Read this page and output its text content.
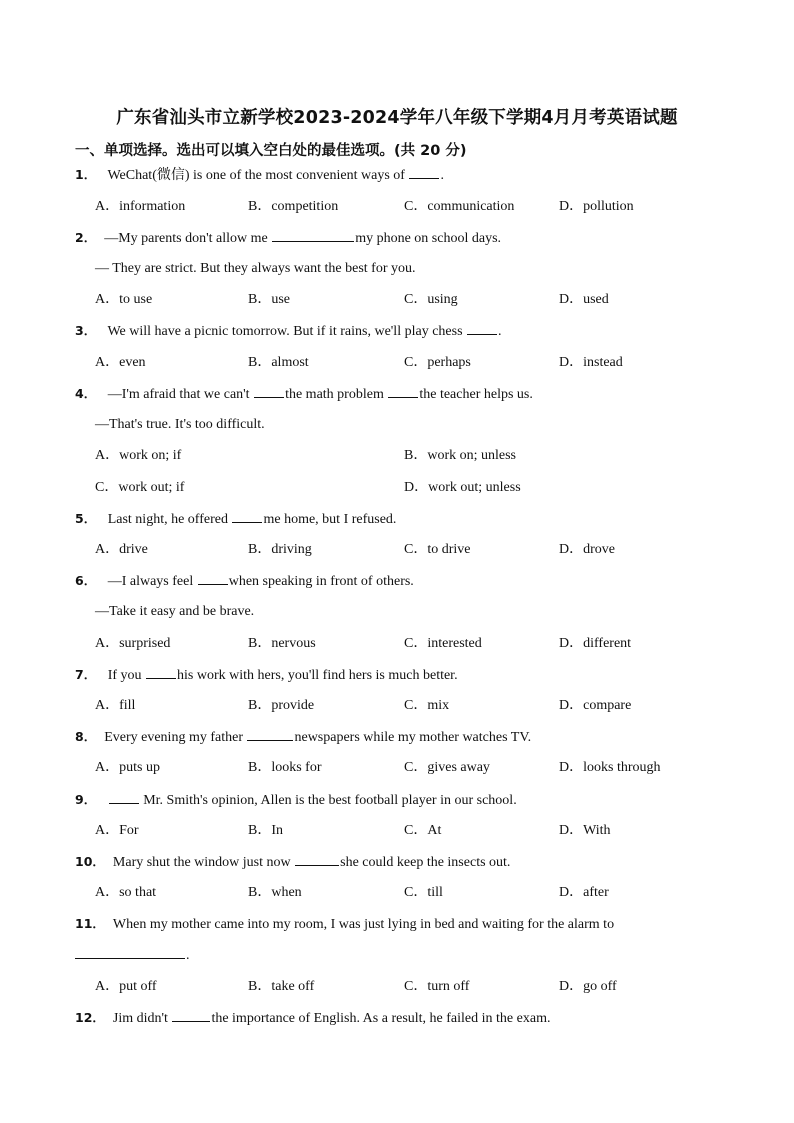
广东省汕头市立新学校2023-2024学年八年级下学期4月月考英语试题
一、单项选择。选出可以填入空白处的最佳选项。(共 20 分)
1． WeChat(微信) is one of the most convenient ways of	.
A．information	B．competition	C．communication	D．pollution
2． —My parents don't allow me	my phone on school days.
— They are strict. But they always want the best for you.
A．to use	B．use	C．using	D．used
3． We will have a picnic tomorrow. But if it rains, we'll play chess	.
A．even	B．almost	C．perhaps	D．instead
4． —I'm afraid that we can't	the math problem	the teacher helps us.
—That's true. It's too difficult.
A．work on; if	B．work on; unless
C．work out; if	D．work out; unless
5． Last night, he offered	me home, but I refused.
A．drive	B．driving	C．to drive	D．drove
6． —I always feel	when speaking in front of others.
—Take it easy and be brave.
A．surprised	B．nervous	C．interested	D．different
7． If you	his work with hers, you'll find hers is much better.
A．fill	B．provide	C．mix	D．compare
8． Every evening my father	newspapers while my mother watches TV.
A．puts up	B．looks for	C．gives away	D．looks through
9．	Mr. Smith's opinion, Allen is the best football player in our school.
A．For	B．In	C．At	D．With
10． Mary shut the window just now	she could keep the insects out.
A．so that	B．when	C．till	D．after
11． When my mother came into my room, I was just lying in bed and waiting for the alarm to
.
A．put off	B．take off	C．turn off	D．go off
12． Jim didn't	the importance of English. As a result, he failed in the exam.
